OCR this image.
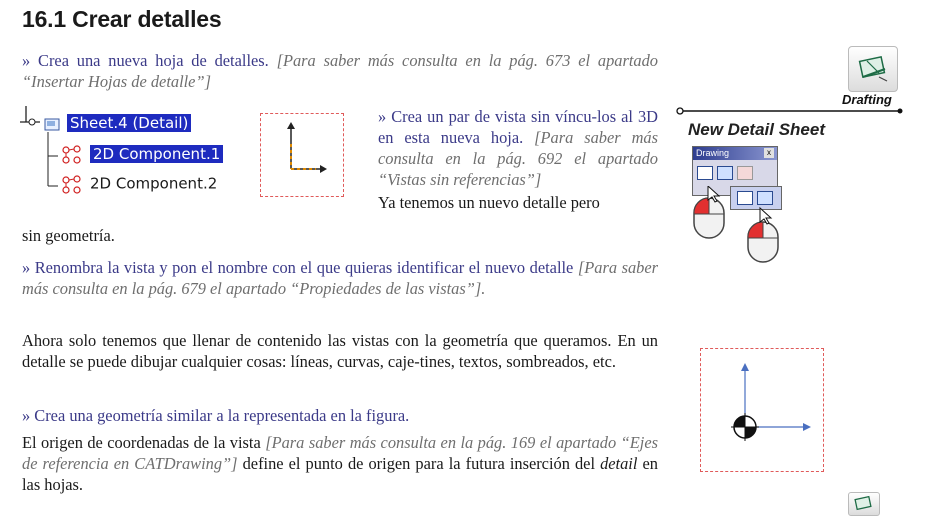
16.1 Crear detalles
» Crea una nueva hoja de detalles. [Para saber más consulta en la pág. 673 el apartado “Insertar Hojas de detalle”]
Sheet.4 (Detail)
2D Component.1
2D Component.2
» Crea un par de vista sin víncu-los al 3D en esta nueva hoja. [Para saber más consulta en la pág. 692 el apartado “Vistas sin referencias”]
Ya tenemos un nuevo detalle pero
sin geometría.
» Renombra la vista y pon el nombre con el que quieras identificar el nuevo detalle [Para saber más consulta en la pág. 679 el apartado “Propiedades de las vistas”].
Ahora solo tenemos que llenar de contenido las vistas con la geometría que queramos. En un detalle se puede dibujar cualquier cosas: líneas, curvas, caje-tines, textos, sombreados, etc.
» Crea una geometría similar a la representada en la figura.
El origen de coordenadas de la vista [Para saber más consulta en la pág. 169 el apartado “Ejes de referencia en CATDrawing”] define el punto de origen para la futura inserción del detail en las hojas.
Drafting
New Detail Sheet
Drawing	x
